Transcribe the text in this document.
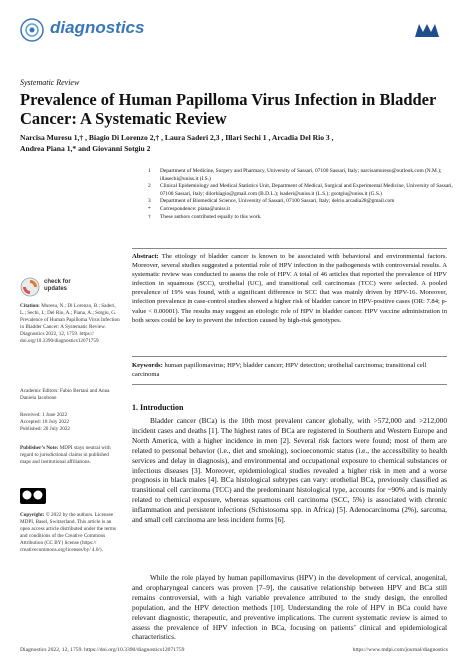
diagnostics
Systematic Review
Prevalence of Human Papilloma Virus Infection in Bladder Cancer: A Systematic Review
Narcisa Muresu 1,† , Biagio Di Lorenzo 2,† , Laura Saderi 2,3 , Illari Sechi 1 , Arcadia Del Rio 3 ,
Andrea Piana 1,* and Giovanni Sotgiu 2
1	Department of Medicine, Surgery and Pharmacy, University of Sassari, 07100 Sassari, Italy; narcisamuresu@outlook.com (N.M.); illasechi@uniss.it (I.S.)
2	Clinical Epidemiology and Medical Statistics Unit, Department of Medical, Surgical and Experimental Medicine, University of Sassari, 07100 Sassari, Italy; dilorbiagio@gmail.com (B.D.L.); lsaderi@uniss.it (L.S.); gsotgiu@uniss.it (G.S.)
3	Department of Biomedical Science, University of Sassari, 07100 Sassari, Italy; delrio.arcadia28@gmail.com
*	Correspondence: piana@uniss.it
†	These authors contributed equally to this work.
Abstract: The etiology of bladder cancer is known to be associated with behavioral and environmental factors. Moreover, several studies suggested a potential role of HPV infection in the pathogenesis with controversial results. A systematic review was conducted to assess the role of HPV. A total of 46 articles that reported the prevalence of HPV infection in squamous (SCC), urothelial (UC), and transitional cell carcinomas (TCC) were selected. A pooled prevalence of 19% was found, with a significant difference in SCC that was mainly driven by HPV-16. Moreover, infection prevalence in case-control studies showed a higher risk of bladder cancer in HPV-positive cases (OR: 7.84; p-value < 0.00001). The results may suggest an etiologic role of HPV in bladder cancer. HPV vaccine administration in both sexes could be key to prevent the infection caused by high-risk genotypes.
Keywords: human papillomavirus; HPV; bladder cancer; HPV detection; urothelial carcinoma; transitional cell carcinoma
check for
updates
Citation: Muresu, N.; Di Lorenzo, B.; Saderi, L.; Sechi, I.; Del Rio, A.; Piana, A.; Sotgiu, G. Prevalence of Human Papilloma Virus Infection in Bladder Cancer: A Systematic Review. Diagnostics 2022, 12, 1759. https:// doi.org/10.3390/diagnostics12071759
Academic Editors: Fabio Bertani and Anna Daniela Iacobone
Received: 1 June 2022
Accepted: 18 July 2022
Published: 20 July 2022
Publisher’s Note: MDPI stays neutral with regard to jurisdictional claims in published maps and institutional affiliations.
Copyright: © 2022 by the authors. Licensee MDPI, Basel, Switzerland. This article is an open access article distributed under the terms and conditions of the Creative Commons Attribution (CC BY) license (https:// creativecommons.org/licenses/by/ 4.0/).
1. Introduction

Bladder cancer (BCa) is the 10th most prevalent cancer globally, with >572,000 and >212,000 incident cases and deaths [1]. The highest rates of BCa are registered in Southern and Western Europe and North America, with a higher incidence in men [2]. Several risk factors were found; most of them are related to personal behavior (i.e., diet and smoking), socioeconomic status (i.e., the accessibility to health services and delay in diagnosis), and environmental and occupational exposure to chemical substances or infectious diseases [3]. Moreover, epidemiological studies revealed a higher risk in men and a worse prognosis in black males [4]. BCa histological subtypes can vary: urothelial BCa, previously classified as transitional cell carcinoma (TCC) and the predominant histological type, accounts for ~90% and is mainly related to chemical exposure, whereas squamous cell carcinoma (SCC, 5%) is associated with chronic inflammation and persistent infections (Schistosoma spp. in Africa) [5]. Adenocarcinoma (2%), sarcoma, and small cell carcinoma are less incident forms [6].

While the role played by human papillomavirus (HPV) in the development of cervical, anogenital, and oropharyngeal cancers was proven [7–9], the causative relationship between HPV and BCa still remains controversial, with a high variable prevalence attributed to the study design, the enrolled population, and the HPV detection methods [10]. Understanding the role of HPV in BCa could have relevant diagnostic, therapeutic, and preventive implications. The current systematic review is aimed to assess the prevalence of HPV infection in BCa, focusing on patients’ clinical and epidemiological characteristics.

Diagnostics 2022, 12, 1759. https://doi.org/10.3390/diagnostics12071759	https://www.mdpi.com/journal/diagnostics
